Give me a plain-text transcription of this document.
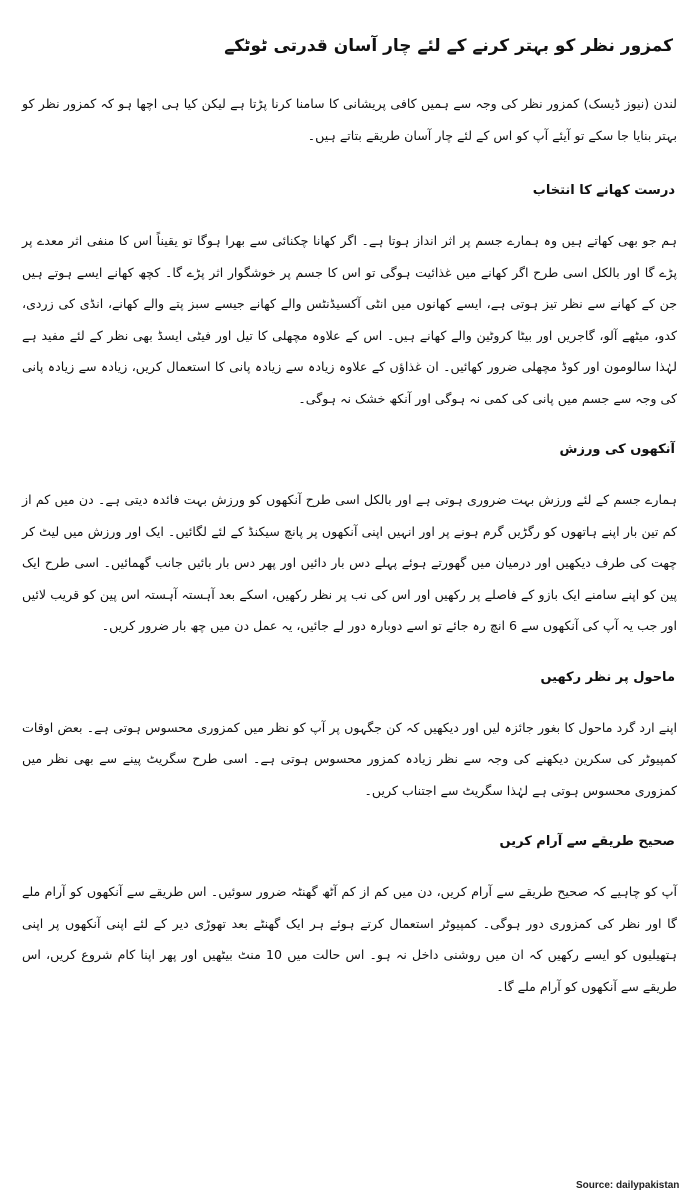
کمزور نظر کو بہتر کرنے کے لئے چار آسان قدرتی ٹوٹکے

لندن (نیوز ڈیسک) کمزور نظر کی وجہ سے ہمیں کافی پریشانی کا سامنا کرنا پڑتا ہے لیکن کیا ہی اچھا ہو کہ کمزور نظر کو بہتر بنایا جا سکے تو آیئے آپ کو اس کے لئے چار آسان طریقے بتاتے ہیں۔

درست کھانے کا انتخاب

ہم جو بھی کھاتے ہیں وہ ہمارے جسم پر اثر انداز ہوتا ہے۔ اگر کھانا چکنائی سے بھرا ہوگا تو یقیناً اس کا منفی اثر معدے پر پڑے گا اور بالکل اسی طرح اگر کھانے میں غذائیت ہوگی تو اس کا جسم پر خوشگوار اثر پڑے گا۔ کچھ کھانے ایسے ہوتے ہیں جن کے کھانے سے نظر تیز ہوتی ہے، ایسے کھانوں میں انٹی آکسیڈنٹس والے کھانے جیسے سبز پتے والے کھانے، انڈی کی زردی، کدو، میٹھے آلو، گاجریں اور بیٹا کروٹین والے کھانے ہیں۔ اس کے علاوہ مچھلی کا تیل اور فیٹی ایسڈ بھی نظر کے لئے مفید ہے لہٰذا سالومون اور کوڈ مچھلی ضرور کھائیں۔ ان غذاؤں کے علاوہ زیادہ سے زیادہ پانی کا استعمال کریں، زیادہ سے زیادہ پانی کی وجہ سے جسم میں پانی کی کمی نہ ہوگی اور آنکھ خشک نہ ہوگی۔

آنکھوں کی ورزش

ہمارے جسم کے لئے ورزش بہت ضروری ہوتی ہے اور بالکل اسی طرح آنکھوں کو ورزش بہت فائدہ دیتی ہے۔ دن میں کم از کم تین بار اپنے ہاتھوں کو رگڑیں گرم ہونے پر اور انہیں اپنی آنکھوں پر پانچ سیکنڈ کے لئے لگائیں۔ ایک اور ورزش میں لیٹ کر چھت کی طرف دیکھیں اور درمیان میں گھورتے ہوئے پہلے دس بار دائیں اور پھر دس بار بائیں جانب گھمائیں۔ اسی طرح ایک پین کو اپنے سامنے ایک بازو کے فاصلے پر رکھیں اور اس کی نب پر نظر رکھیں، اسکے بعد آہستہ آہستہ اس پین کو قریب لائیں اور جب یہ آپ کی آنکھوں سے 6 انچ رہ جائے تو اسے دوبارہ دور لے جائیں، یہ عمل دن میں چھ بار ضرور کریں۔

ماحول پر نظر رکھیں

اپنے ارد گرد ماحول کا بغور جائزہ لیں اور دیکھیں کہ کن جگہوں پر آپ کو نظر میں کمزوری محسوس ہوتی ہے۔ بعض اوقات کمپیوٹر کی سکرین دیکھنے کی وجہ سے نظر زیادہ کمزور محسوس ہوتی ہے۔ اسی طرح سگریٹ پینے سے بھی نظر میں کمزوری محسوس ہوتی ہے لہٰذا سگریٹ سے اجتناب کریں۔

صحیح طریقے سے آرام کریں

آپ کو چاہیے کہ صحیح طریقے سے آرام کریں، دن میں کم از کم آٹھ گھنٹہ ضرور سوئیں۔ اس طریقے سے آنکھوں کو آرام ملے گا اور نظر کی کمزوری دور ہوگی۔ کمپیوٹر استعمال کرتے ہوئے ہر ایک گھنٹے بعد تھوڑی دیر کے لئے اپنی آنکھوں پر اپنی ہتھیلیوں کو ایسے رکھیں کہ ان میں روشنی داخل نہ ہو۔ اس حالت میں 10 منٹ بیٹھیں اور پھر اپنا کام شروع کریں، اس طریقے سے آنکھوں کو آرام ملے گا۔

Source: dailypakistan
